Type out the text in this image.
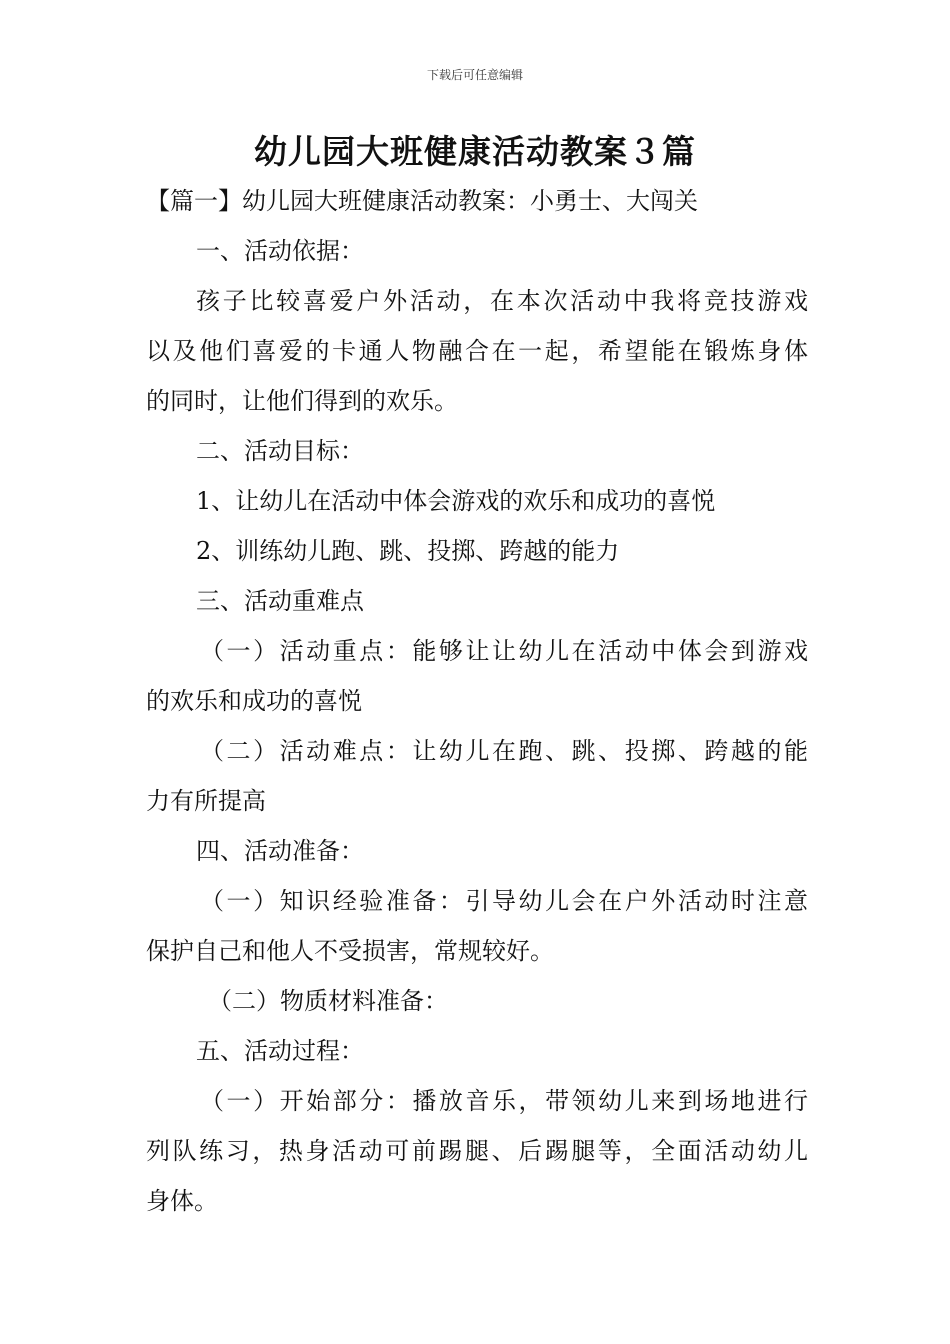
下载后可任意编辑
幼儿园大班健康活动教案３篇
【篇一】幼儿园大班健康活动教案：小勇士、大闯关
一、活动依据：
孩子比较喜爱户外活动，在本次活动中我将竞技游戏
以及他们喜爱的卡通人物融合在一起，希望能在锻炼身体
的同时，让他们得到的欢乐。
二、活动目标：
1、让幼儿在活动中体会游戏的欢乐和成功的喜悦
2、训练幼儿跑、跳、投掷、跨越的能力
三、活动重难点
（一）活动重点：能够让让幼儿在活动中体会到游戏
的欢乐和成功的喜悦
（二）活动难点：让幼儿在跑、跳、投掷、跨越的能
力有所提高
四、活动准备：
（一）知识经验准备：引导幼儿会在户外活动时注意
保护自己和他人不受损害，常规较好。
（二）物质材料准备：
五、活动过程：
（一）开始部分：播放音乐，带领幼儿来到场地进行
列队练习，热身活动可前踢腿、后踢腿等，全面活动幼儿
身体。
